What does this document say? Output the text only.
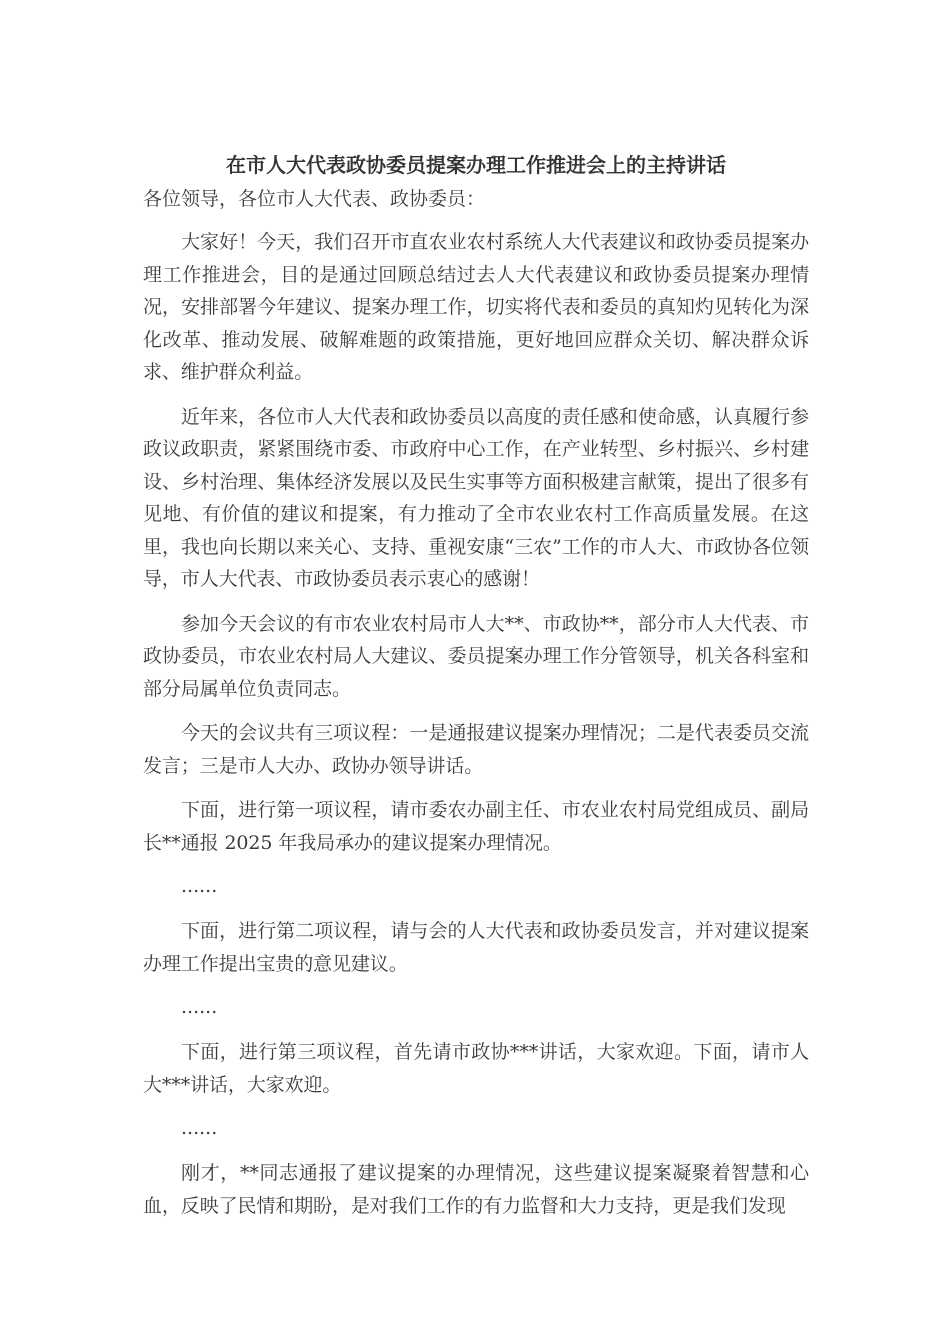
在市人大代表政协委员提案办理工作推进会上的主持讲话

各位领导，各位市人大代表、政协委员：

大家好！今天，我们召开市直农业农村系统人大代表建议和政协委员提案办理工作推进会，目的是通过回顾总结过去人大代表建议和政协委员提案办理情况，安排部署今年建议、提案办理工作，切实将代表和委员的真知灼见转化为深化改革、推动发展、破解难题的政策措施，更好地回应群众关切、解决群众诉求、维护群众利益。

近年来，各位市人大代表和政协委员以高度的责任感和使命感，认真履行参政议政职责，紧紧围绕市委、市政府中心工作，在产业转型、乡村振兴、乡村建设、乡村治理、集体经济发展以及民生实事等方面积极建言献策，提出了很多有见地、有价值的建议和提案，有力推动了全市农业农村工作高质量发展。在这里，我也向长期以来关心、支持、重视安康“三农”工作的市人大、市政协各位领导，市人大代表、市政协委员表示衷心的感谢！

参加今天会议的有市农业农村局市人大**、市政协**，部分市人大代表、市政协委员，市农业农村局人大建议、委员提案办理工作分管领导，机关各科室和部分局属单位负责同志。

今天的会议共有三项议程：一是通报建议提案办理情况；二是代表委员交流发言；三是市人大办、政协办领导讲话。

下面，进行第一项议程，请市委农办副主任、市农业农村局党组成员、副局长**通报 2025 年我局承办的建议提案办理情况。

......

下面，进行第二项议程，请与会的人大代表和政协委员发言，并对建议提案办理工作提出宝贵的意见建议。

......

下面，进行第三项议程，首先请市政协***讲话，大家欢迎。下面，请市人大***讲话，大家欢迎。

......

刚才，**同志通报了建议提案的办理情况，这些建议提案凝聚着智慧和心血，反映了民情和期盼，是对我们工作的有力监督和大力支持，更是我们发现
